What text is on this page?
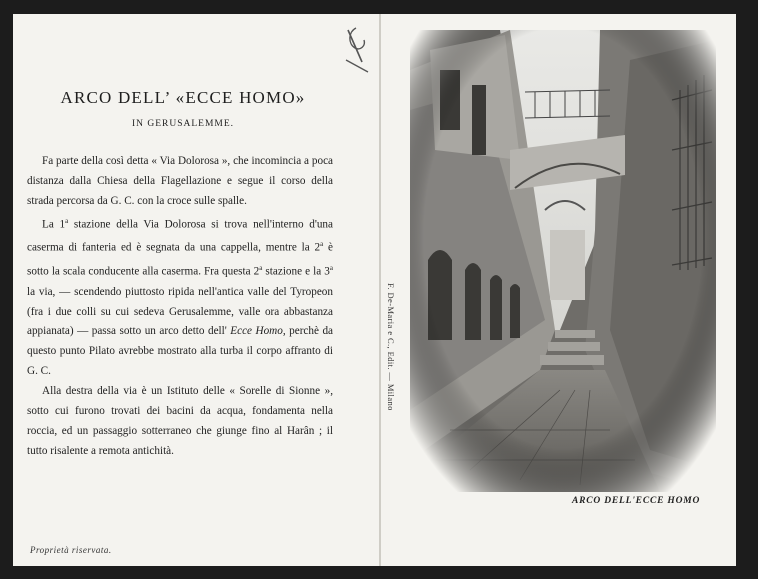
ARCO DELL’ «ECCE HOMO»
IN GERUSALEMME.

Fa parte della così detta « Via Dolorosa », che incomincia a poca distanza dalla Chiesa della Flagellazione e segue il corso della strada percorsa da G. C. con la croce sulle spalle.

La 1$^a$ stazione della Via Dolorosa si trova nell'interno d'una caserma di fanteria ed è segnata da una cappella, mentre la 2$^a$ è sotto la scala conducente alla caserma. Fra questa 2$^a$ stazione e la 3$^a$ la via, — scendendo piuttosto ripida nell'antica valle del Tyropeon (fra i due colli su cui sedeva Gerusalemme, valle ora abbastanza appianata) — passa sotto un arco detto dell' Ecce Homo, perchè da questo punto Pilato avrebbe mostrato alla turba il corpo affranto di G. C.

Alla destra della via è un Istituto delle « Sorelle di Sionne », sotto cui furono trovati dei bacini da acqua, fondamenta nella roccia, ed un passaggio sotterraneo che giunge fino al Harân ; il tutto risalente a remota antichità.

Proprietà riservata.
F. De-Maria e C., Edit. — Milano
ARCO DELL'ECCE HOMO
